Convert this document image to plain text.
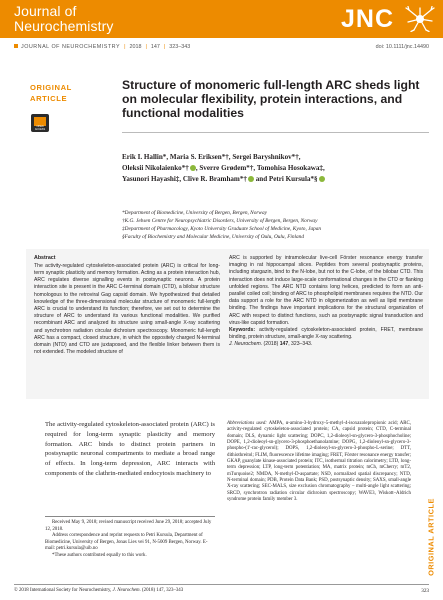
Journal of
Neurochemistry	JNC
JOURNAL OF NEUROCHEMISTRY | 2018 | 147 | 323–343	doi: 10.1111/jnc.14490
ORIGINAL
ARTICLE
OPEN ACCESS
Structure of monomeric full-length ARC sheds light on molecular flexibility, protein interactions, and functional modalities
Erik I. Hallin*, Maria S. Eriksen*†, Sergei Baryshnikov*†,
Oleksii Nikolaienko*† , Sverre Grødem*†, Tomohisa Hosokawa‡,
Yasunori Hayashi‡, Clive R. Bramham*† and Petri Kursula*§
*Department of Biomedicine, University of Bergen, Bergen, Norway
†K.G. Jebsen Centre for Neuropsychiatric Disorders, University of Bergen, Bergen, Norway
‡Department of Pharmacology, Kyoto University Graduate School of Medicine, Kyoto, Japan
§Faculty of Biochemistry and Molecular Medicine, University of Oulu, Oulu, Finland
Abstract
The activity-regulated cytoskeleton-associated protein (ARC) is critical for long-term synaptic plasticity and memory formation. Acting as a protein interaction hub, ARC regulates diverse signalling events in postsynaptic neurons. A protein interaction site is present in the ARC C-terminal domain (CTD), a bilobar structure homologous to the retroviral Gag capsid domain. We hypothesized that detailed knowledge of the three-dimensional molecular structure of monomeric full-length ARC is crucial to understand its function; therefore, we set out to determine the structure of ARC to understand its various functional modalities. We purified recombinant ARC and analyzed its structure using small-angle X-ray scattering and synchrotron radiation circular dichroism spectroscopy. Monomeric full-length ARC has a compact, closed structure, in which the oppositely charged N-terminal domain (NTD) and CTD are juxtaposed, and the flexible linker between them is not extended. The modeled structure of
ARC is supported by intramolecular live-cell Förster resonance energy transfer imaging in rat hippocampal slices. Peptides from several postsynaptic proteins, including stargazin, bind to the N-lobe, but not to the C-lobe, of the bilobar CTD. This interaction does not induce large-scale conformational changes in the CTD or flanking unfolded regions. The ARC NTD contains long helices, predicted to form an anti-parallel coiled coil; binding of ARC to phospholipid membranes requires the NTD. Our data support a role for the ARC NTD in oligomerization as well as lipid membrane binding. The findings have important implications for the structural organization of ARC with respect to distinct functions, such as postsynaptic signal transduction and virus-like capsid formation.
Keywords: activity-regulated cytoskeleton-associated protein, FRET, membrane binding, protein structure, small-angle X-ray scattering.
J. Neurochem. (2018) 147, 323–343.
The activity-regulated cytoskeleton-associated protein (ARC) is required for long-term synaptic plasticity and memory formation. ARC binds to distinct protein partners in postsynaptic neuronal compartments to mediate a broad range of effects. In long-term depression, ARC interacts with components of the clathrin-mediated endocytosis machinery to
Received May 9, 2018; revised manuscript received June 29, 2018; accepted July 12, 2018.
Address correspondence and reprint requests to Petri Kursula, Department of Biomedicine, University of Bergen, Jonas Lies vei 91, N-5009 Bergen, Norway. E-mail: petri.kursula@uib.no
*These authors contributed equally to this work.
Abbreviations used: AMPA, α-amino-3-hydroxy-5-methyl-4-isoxazolepropionic acid; ARC, activity-regulated cytoskeleton-associated protein; CA, capsid protein; CTD, C-terminal domain; DLS, dynamic light scattering; DOPC, 1,2-dioleoyl-sn-glycero-3-phosphocholine; DOPE, 1,2-dioleoyl-sn-glycero-3-phosphoethanolamine; DOPG, 1,2-dioleoyl-sn-glycero-3-phospho-(1′-rac-glycerol); DOPS, 1,2-dioleoyl-sn-glycero-3-phospho-L-serine; DTT, dithiothreitol; FLIM, fluorescence lifetime imaging; FRET, Förster resonance energy transfer; GKAP, guanylate kinase-associated protein; ITC, isothermal titration calorimetry; LTD, long-term depression; LTP, long-term potentiation; MA, matrix protein; mCh, mCherry; mT2, mTurquoise2; NMDA, N-methyl-D-aspartate; NSD, normalized spatial discrepancy; NTD, N-terminal domain; PDB, Protein Data Bank; PSD, postsynaptic density; SAXS, small-angle X-ray scattering; SEC-MALS, size exclusion chromatography – multi-angle light scattering; SRCD, synchrotron radiation circular dichroism spectroscopy; WAVE3, Wiskott–Aldrich syndrome protein family member 3.	ORIGINAL ARTICLE
© 2018 International Society for Neurochemistry, J. Neurochem. (2018) 147, 323–343	323
